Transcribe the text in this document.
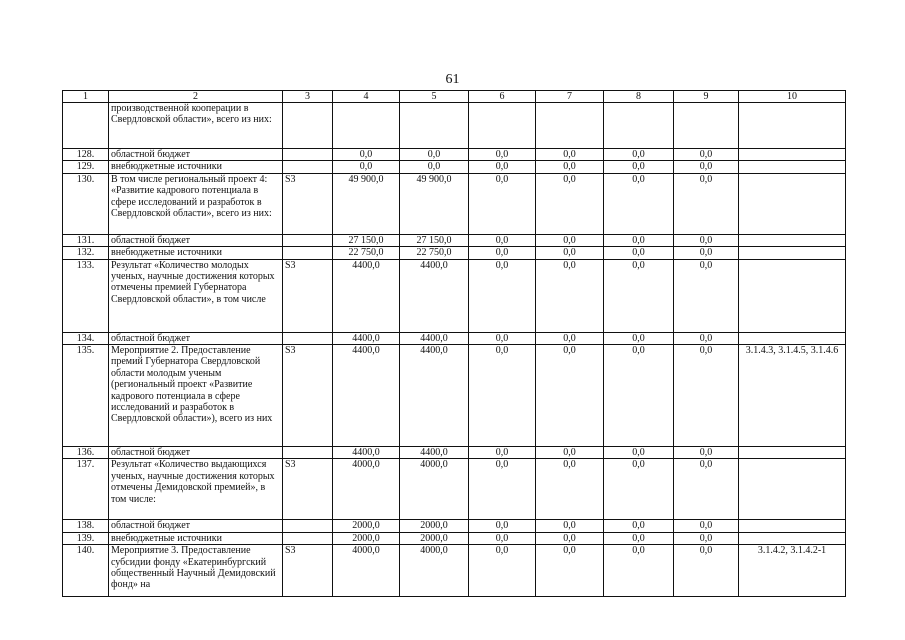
61
1	2	3	4	5	6	7	8	9	10
	производственной кооперации в Свердловской области», всего из них:								
128.	областной бюджет		0,0	0,0	0,0	0,0	0,0	0,0	
129.	внебюджетные источники		0,0	0,0	0,0	0,0	0,0	0,0	
130.	В том числе региональный проект 4: «Развитие кадрового потенциала в сфере исследований и разработок в Свердловской области», всего из них:	S3	49 900,0	49 900,0	0,0	0,0	0,0	0,0	
131.	областной бюджет		27 150,0	27 150,0	0,0	0,0	0,0	0,0	
132.	внебюджетные источники		22 750,0	22 750,0	0,0	0,0	0,0	0,0	
133.	Результат «Количество молодых ученых, научные достижения которых отмечены премией Губернатора Свердловской области», в том числе	S3	4400,0	4400,0	0,0	0,0	0,0	0,0	
134.	областной бюджет		4400,0	4400,0	0,0	0,0	0,0	0,0	
135.	Мероприятие 2. Предоставление премий Губернатора Свердловской области молодым ученым (региональный проект «Развитие кадрового потенциала в сфере исследований и разработок в Свердловской области»), всего из них	S3	4400,0	4400,0	0,0	0,0	0,0	0,0	3.1.4.3, 3.1.4.5, 3.1.4.6
136.	областной бюджет		4400,0	4400,0	0,0	0,0	0,0	0,0	
137.	Результат «Количество выдающихся ученых, научные достижения которых отмечены Демидовской премией», в том числе:	S3	4000,0	4000,0	0,0	0,0	0,0	0,0	
138.	областной бюджет		2000,0	2000,0	0,0	0,0	0,0	0,0	
139.	внебюджетные источники		2000,0	2000,0	0,0	0,0	0,0	0,0	
140.	Мероприятие 3. Предоставление субсидии фонду «Екатеринбургский общественный Научный Демидовский фонд» на	S3	4000,0	4000,0	0,0	0,0	0,0	0,0	3.1.4.2, 3.1.4.2-1
